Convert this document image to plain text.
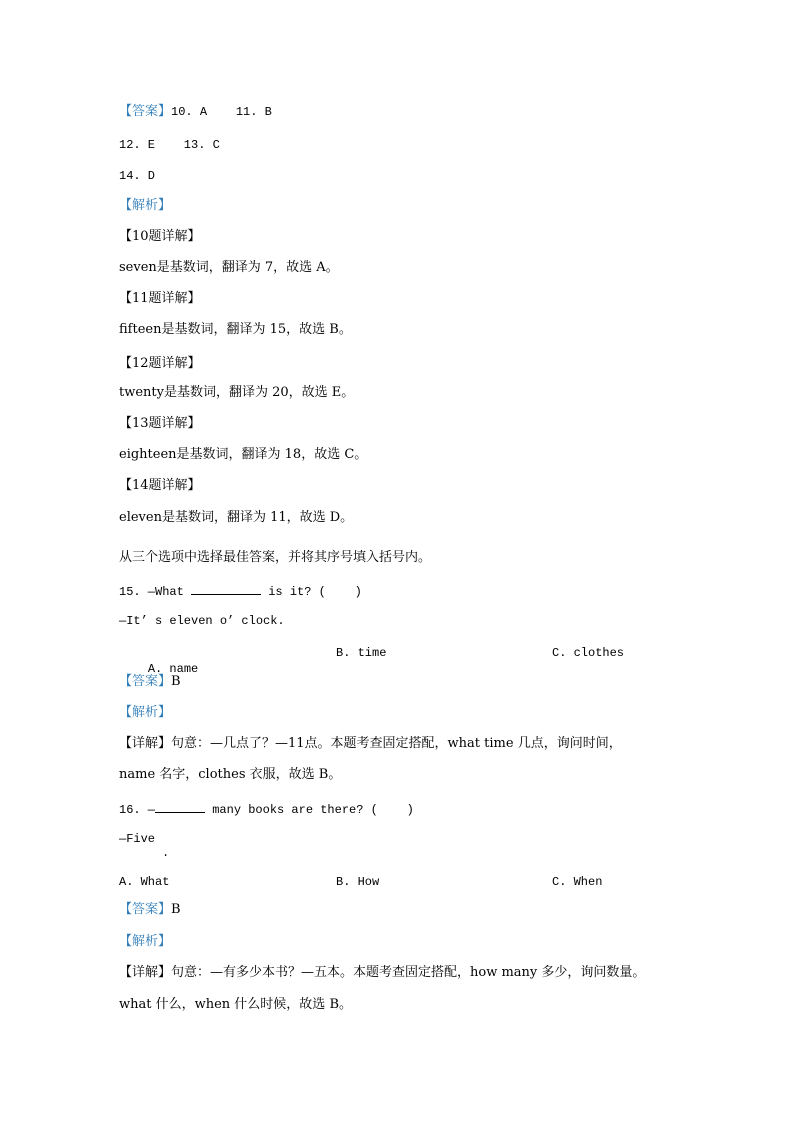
【答案】10. A    11. B
12. E    13. C
14. D
【解析】
【10题详解】
seven是基数词，翻译为 7，故选 A。
【11题详解】
fifteen是基数词，翻译为 15，故选 B。
【12题详解】
twenty是基数词，翻译为 20，故选 E。
【13题详解】
eighteen是基数词，翻译为 18，故选 C。
【14题详解】
eleven是基数词，翻译为 11，故选 D。
从三个选项中选择最佳答案，并将其序号填入括号内。
15. —What	is it? (    )
—It’ s eleven o’ clock.

A. name

B. time	C. clothes
【答案】B
【解析】
【详解】句意：—几点了？—11点。本题考查固定搭配，what time 几点，询问时间，
name 名字，clothes 衣服，故选 B。
16. —	many books are there? (    )
—Five
.
A. What	B. How	C. When
【答案】B
【解析】
【详解】句意：—有多少本书？—五本。本题考查固定搭配，how many 多少，询问数量。
what 什么，when 什么时候，故选 B。
